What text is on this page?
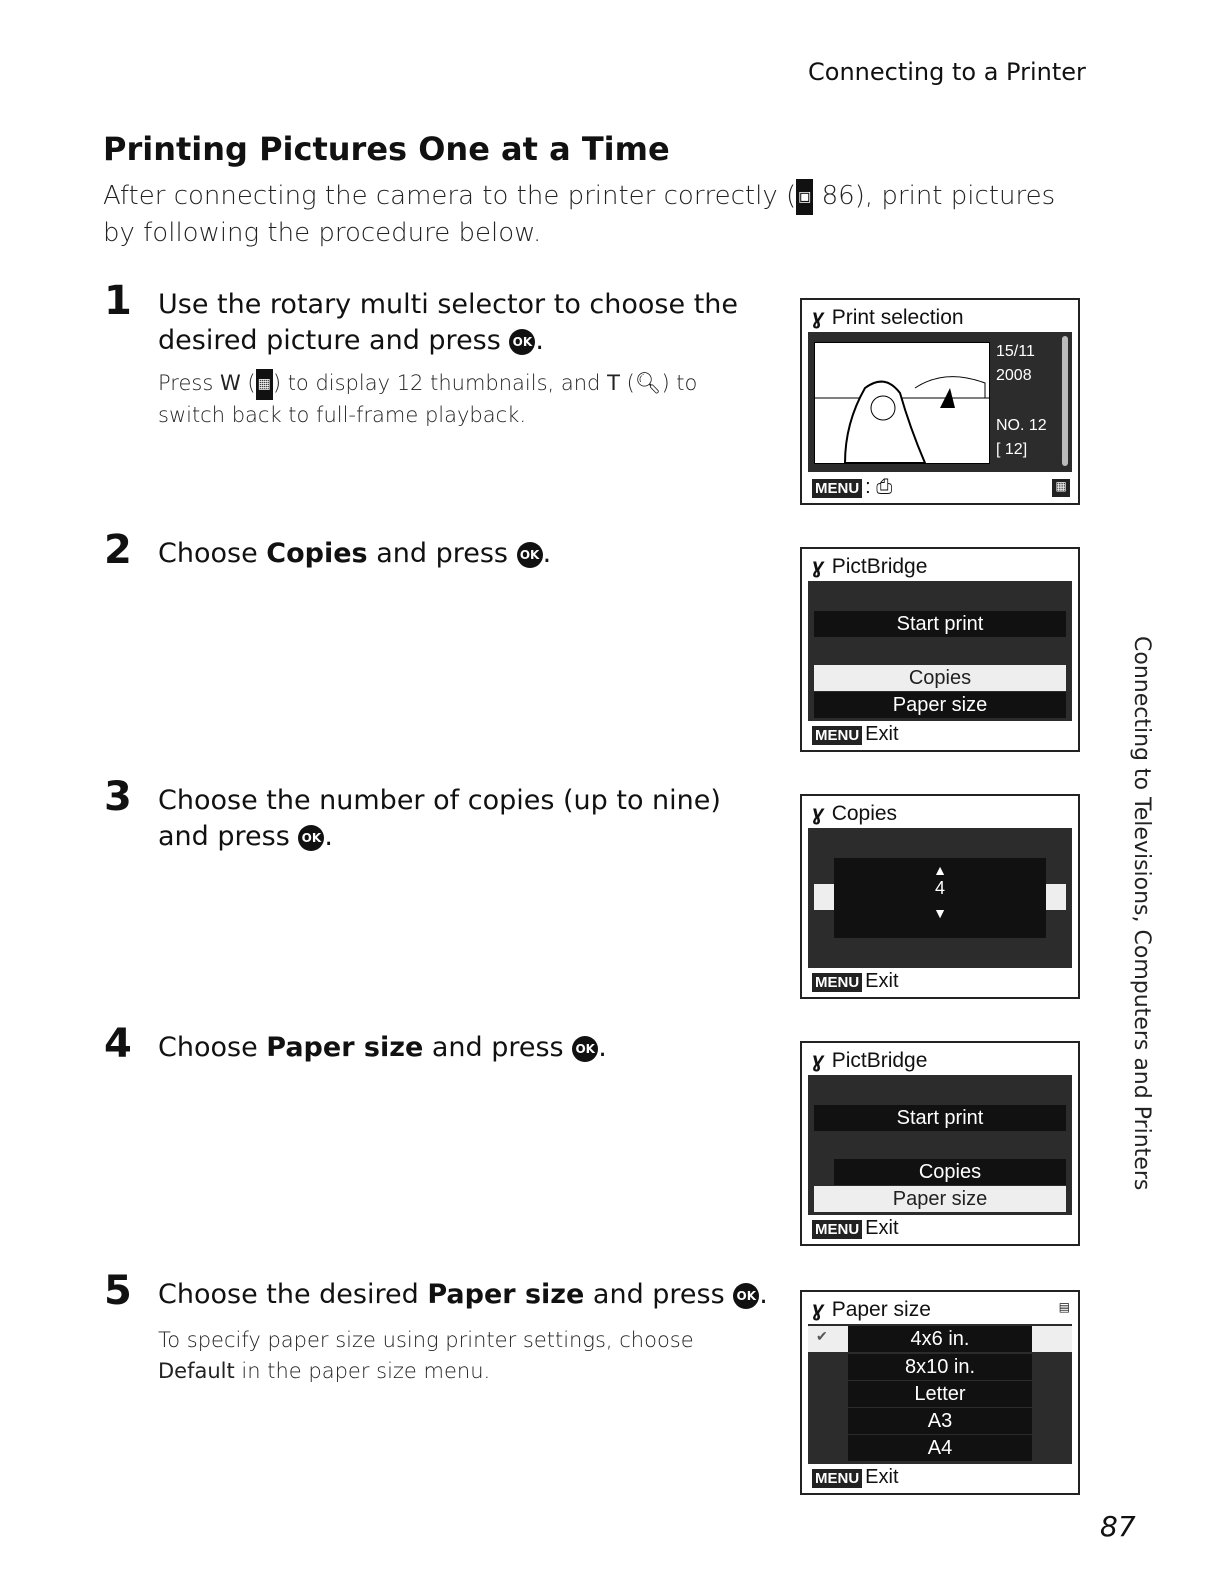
Connecting to a Printer
Printing Pictures One at a Time
After connecting the camera to the printer correctly ( ▣ 86), print pictures by following the procedure below.
1 Use the rotary multi selector to choose the desired picture and press OK .
Press W ( ▦) to display 12 thumbnails, and T (🔍︎) to switch back to full-frame playback.
2 Choose Copies and press OK .
3 Choose the number of copies (up to nine) and press OK .
4 Choose Paper size and press OK .
5 Choose the desired Paper size and press OK .
To specify paper size using printer settings, choose Default in the paper size menu.
ɣ Print selection
15/11
2008
NO. 12
[ 12]
MENU : ⎙	▦
ɣ PictBridge
Start print
Copies
Paper size
MENU Exit
ɣ Copies
▲
4
▼
MENU Exit
ɣ PictBridge
Start print
Copies
Paper size
MENU Exit
ɣ Paper size	▤
✔	4x6 in.
8x10 in.
Letter
A3
A4
MENU Exit
Connecting to Televisions, Computers and Printers
87
